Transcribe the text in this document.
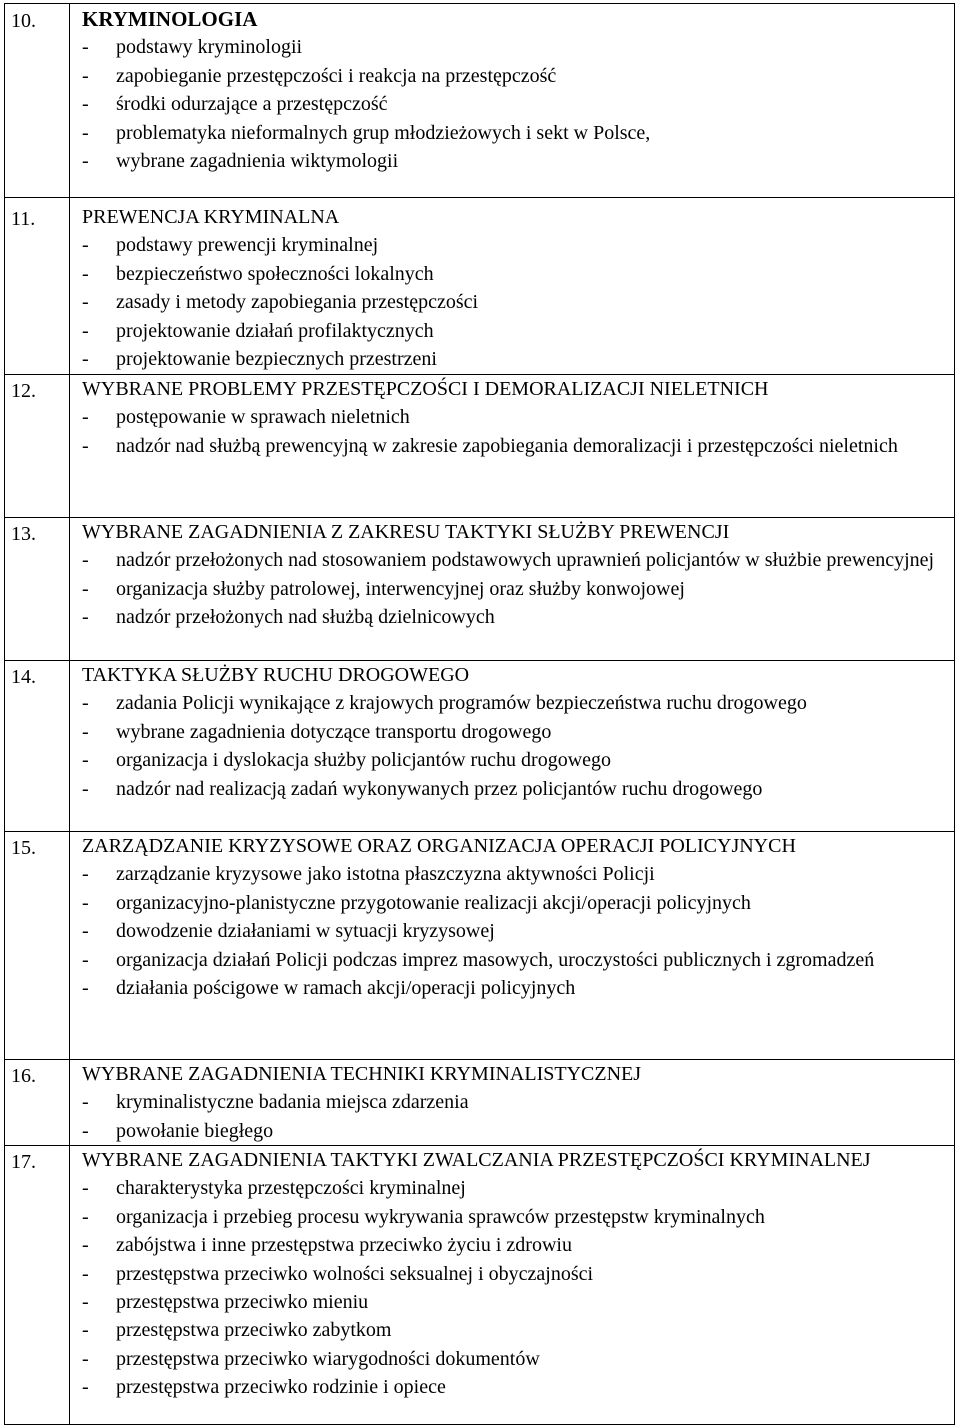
10. KRYMINOLOGIA
- podstawy kryminologii
- zapobieganie przestępczości i reakcja na przestępczość
- środki odurzające a przestępczość
- problematyka nieformalnych grup młodzieżowych i sekt w Polsce,
- wybrane zagadnienia wiktymologii
11. PREWENCJA KRYMINALNA
- podstawy prewencji kryminalnej
- bezpieczeństwo społeczności lokalnych
- zasady i metody zapobiegania przestępczości
- projektowanie działań profilaktycznych
- projektowanie bezpiecznych przestrzeni
12. WYBRANE PROBLEMY PRZESTĘPCZOŚCI I DEMORALIZACJI NIELETNICH
- postępowanie w sprawach nieletnich
- nadzór nad służbą prewencyjną w zakresie zapobiegania demoralizacji i przestępczości nieletnich
13. WYBRANE ZAGADNIENIA Z ZAKRESU TAKTYKI SŁUŻBY PREWENCJI
- nadzór przełożonych nad stosowaniem podstawowych uprawnień policjantów w służbie prewencyjnej
- organizacja służby patrolowej, interwencyjnej oraz służby konwojowej
- nadzór przełożonych nad służbą dzielnicowych
14. TAKTYKA SŁUŻBY RUCHU DROGOWEGO
- zadania Policji wynikające z krajowych programów bezpieczeństwa ruchu drogowego
- wybrane zagadnienia dotyczące transportu drogowego
- organizacja i dyslokacja służby policjantów ruchu drogowego
- nadzór nad realizacją zadań wykonywanych przez policjantów ruchu drogowego
15. ZARZĄDZANIE KRYZYSOWE ORAZ ORGANIZACJA OPERACJI POLICYJNYCH
- zarządzanie kryzysowe jako istotna płaszczyzna aktywności Policji
- organizacyjno-planistyczne przygotowanie realizacji akcji/operacji policyjnych
- dowodzenie działaniami w sytuacji kryzysowej
- organizacja działań Policji podczas imprez masowych, uroczystości publicznych i zgromadzeń
- działania pościgowe w ramach akcji/operacji policyjnych
16. WYBRANE ZAGADNIENIA TECHNIKI KRYMINALISTYCZNEJ
- kryminalistyczne badania miejsca zdarzenia
- powołanie biegłego
17. WYBRANE ZAGADNIENIA TAKTYKI ZWALCZANIA PRZESTĘPCZOŚCI KRYMINALNEJ
- charakterystyka przestępczości kryminalnej
- organizacja i przebieg procesu wykrywania sprawców przestępstw kryminalnych
- zabójstwa i inne przestępstwa przeciwko życiu i zdrowiu
- przestępstwa przeciwko wolności seksualnej i obyczajności
- przestępstwa przeciwko mieniu
- przestępstwa przeciwko zabytkom
- przestępstwa przeciwko wiarygodności dokumentów
- przestępstwa przeciwko rodzinie i opiece
